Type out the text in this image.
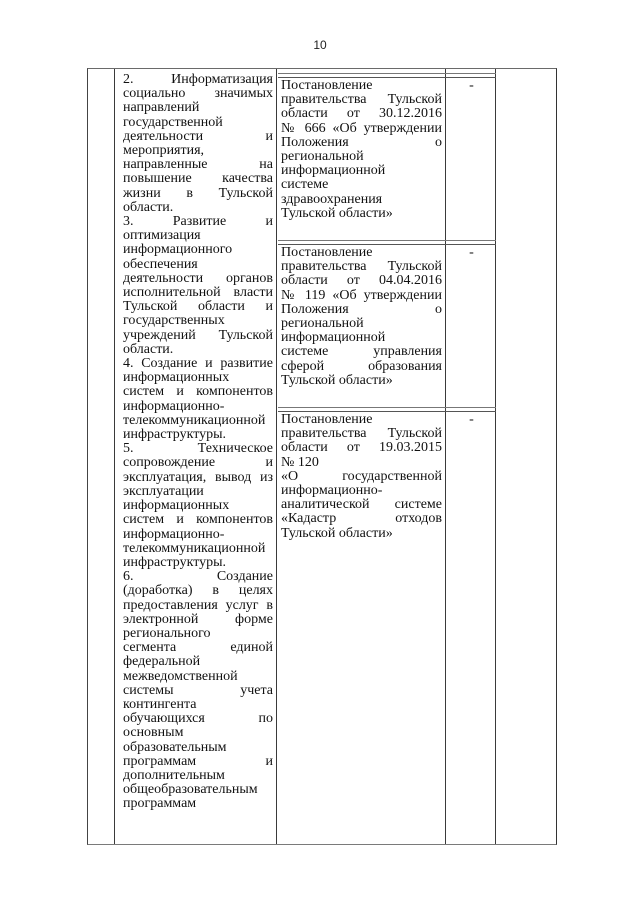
10
2. Информатизация
социально значимых
направлений
государственной
деятельности и
мероприятия,
направленные на
повышение качества
жизни в Тульской
области.
3. Развитие и
оптимизация
информационного
обеспечения
деятельности органов
исполнительной власти
Тульской области и
государственных
учреждений Тульской
области.
4. Создание и развитие
информационных
систем и компонентов
информационно-
телекоммуникационной
инфраструктуры.
5. Техническое
сопровождение и
эксплуатация, вывод из
эксплуатации
информационных
систем и компонентов
информационно-
телекоммуникационной
инфраструктуры.
6. Создание
(доработка) в целях
предоставления услуг в
электронной форме
регионального
сегмента единой
федеральной
межведомственной
системы учета
контингента
обучающихся по
основным
образовательным
программам и
дополнительным
общеобразовательным
программам
Постановление
правительства Тульской
области от 30.12.2016
№ 666 «Об утверждении
Положения о
региональной
информационной
системе
здравоохранения
Тульской области»
-
Постановление
правительства Тульской
области от 04.04.2016
№ 119 «Об утверждении
Положения о
региональной
информационной
системе управления
сферой образования
Тульской области»
-
Постановление
правительства Тульской
области от 19.03.2015
№ 120
«О государственной
информационно-
аналитической системе
«Кадастр отходов
Тульской области»
-
